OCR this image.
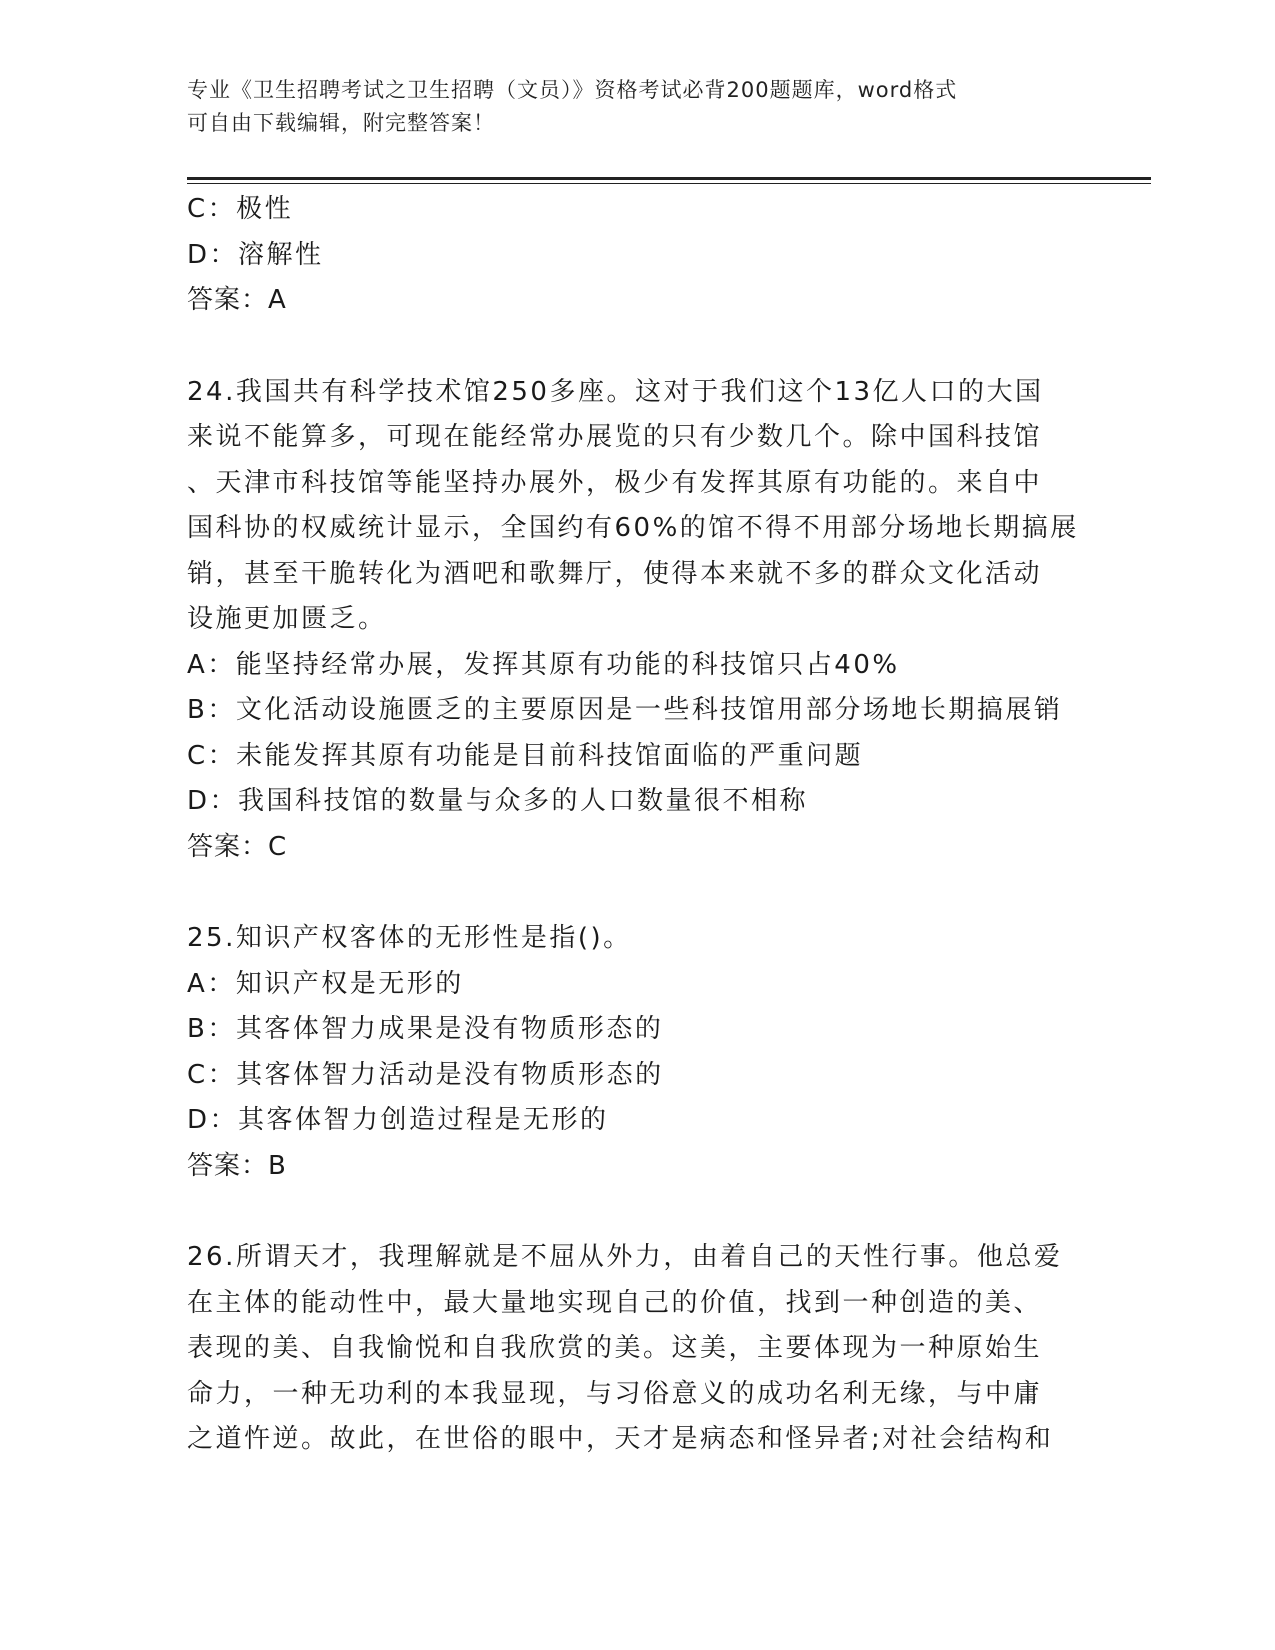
专业《卫生招聘考试之卫生招聘（文员）》资格考试必背200题题库，word格式
可自由下载编辑，附完整答案！
C：极性
D：溶解性
答案：A
24.我国共有科学技术馆250多座。这对于我们这个13亿人口的大国
来说不能算多，可现在能经常办展览的只有少数几个。除中国科技馆
、天津市科技馆等能坚持办展外，极少有发挥其原有功能的。来自中
国科协的权威统计显示，全国约有60%的馆不得不用部分场地长期搞展
销，甚至干脆转化为酒吧和歌舞厅，使得本来就不多的群众文化活动
设施更加匮乏。
A：能坚持经常办展，发挥其原有功能的科技馆只占40%
B：文化活动设施匮乏的主要原因是一些科技馆用部分场地长期搞展销
C：未能发挥其原有功能是目前科技馆面临的严重问题
D：我国科技馆的数量与众多的人口数量很不相称
答案：C
25.知识产权客体的无形性是指()。
A：知识产权是无形的
B：其客体智力成果是没有物质形态的
C：其客体智力活动是没有物质形态的
D：其客体智力创造过程是无形的
答案：B
26.所谓天才，我理解就是不屈从外力，由着自己的天性行事。他总爱
在主体的能动性中，最大量地实现自己的价值，找到一种创造的美、
表现的美、自我愉悦和自我欣赏的美。这美，主要体现为一种原始生
命力，一种无功利的本我显现，与习俗意义的成功名利无缘，与中庸
之道忤逆。故此，在世俗的眼中，天才是病态和怪异者;对社会结构和
